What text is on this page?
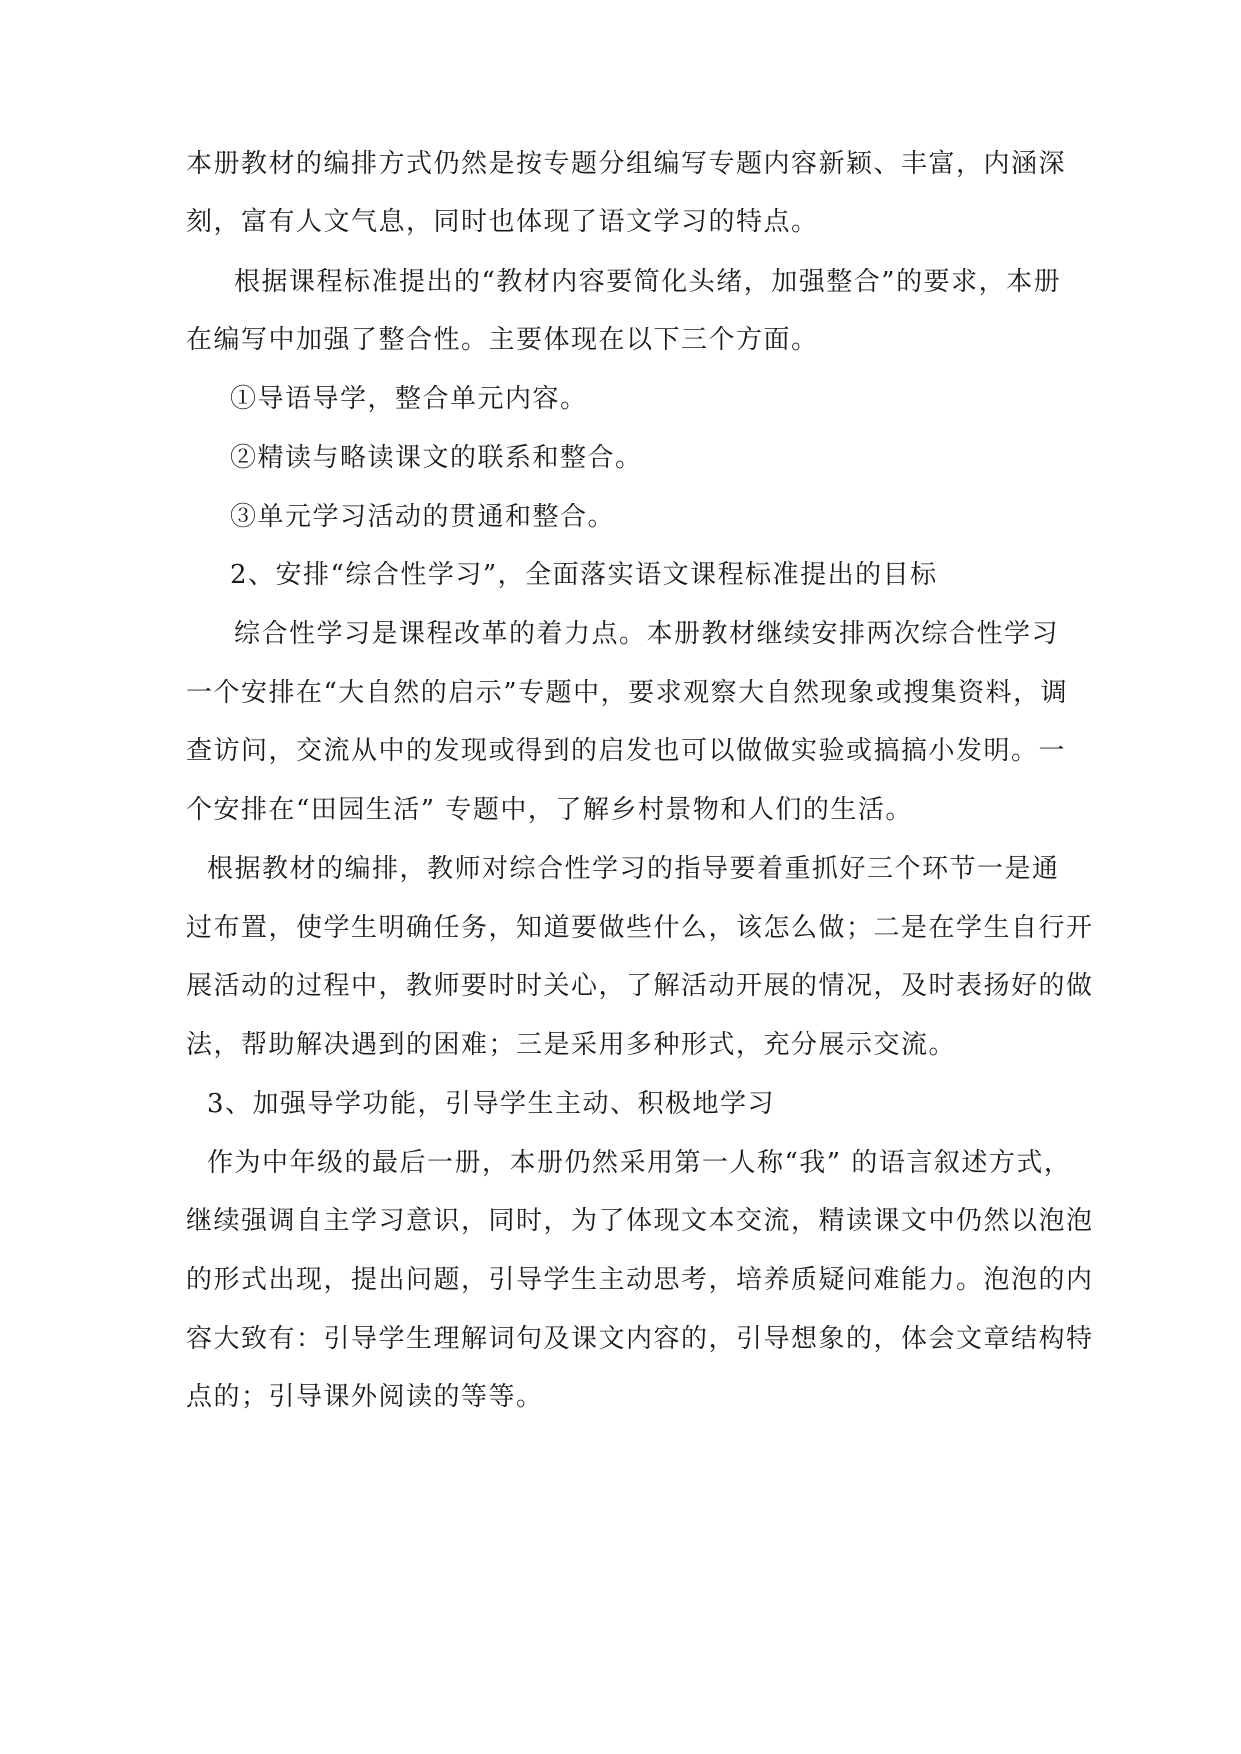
本册教材的编排方式仍然是按专题分组编写专题内容新颖、丰富，内涵深
刻，富有人文气息，同时也体现了语文学习的特点。
根据课程标准提出的“教材内容要简化头绪，加强整合”的要求，本册
在编写中加强了整合性。主要体现在以下三个方面。
①导语导学，整合单元内容。
②精读与略读课文的联系和整合。
③单元学习活动的贯通和整合。
2、安排“综合性学习”，全面落实语文课程标准提出的目标
综合性学习是课程改革的着力点。本册教材继续安排两次综合性学习
一个安排在“大自然的启示”专题中，要求观察大自然现象或搜集资料，调
查访问，交流从中的发现或得到的启发也可以做做实验或搞搞小发明。一
个安排在“田园生活” 专题中，了解乡村景物和人们的生活。
根据教材的编排，教师对综合性学习的指导要着重抓好三个环节一是通
过布置，使学生明确任务，知道要做些什么，该怎么做；二是在学生自行开
展活动的过程中，教师要时时关心，了解活动开展的情况，及时表扬好的做
法，帮助解决遇到的困难；三是采用多种形式，充分展示交流。
3、加强导学功能，引导学生主动、积极地学习
作为中年级的最后一册，本册仍然采用第一人称“我” 的语言叙述方式，
继续强调自主学习意识，同时，为了体现文本交流，精读课文中仍然以泡泡
的形式出现，提出问题，引导学生主动思考，培养质疑问难能力。泡泡的内
容大致有：引导学生理解词句及课文内容的，引导想象的，体会文章结构特
点的；引导课外阅读的等等。
